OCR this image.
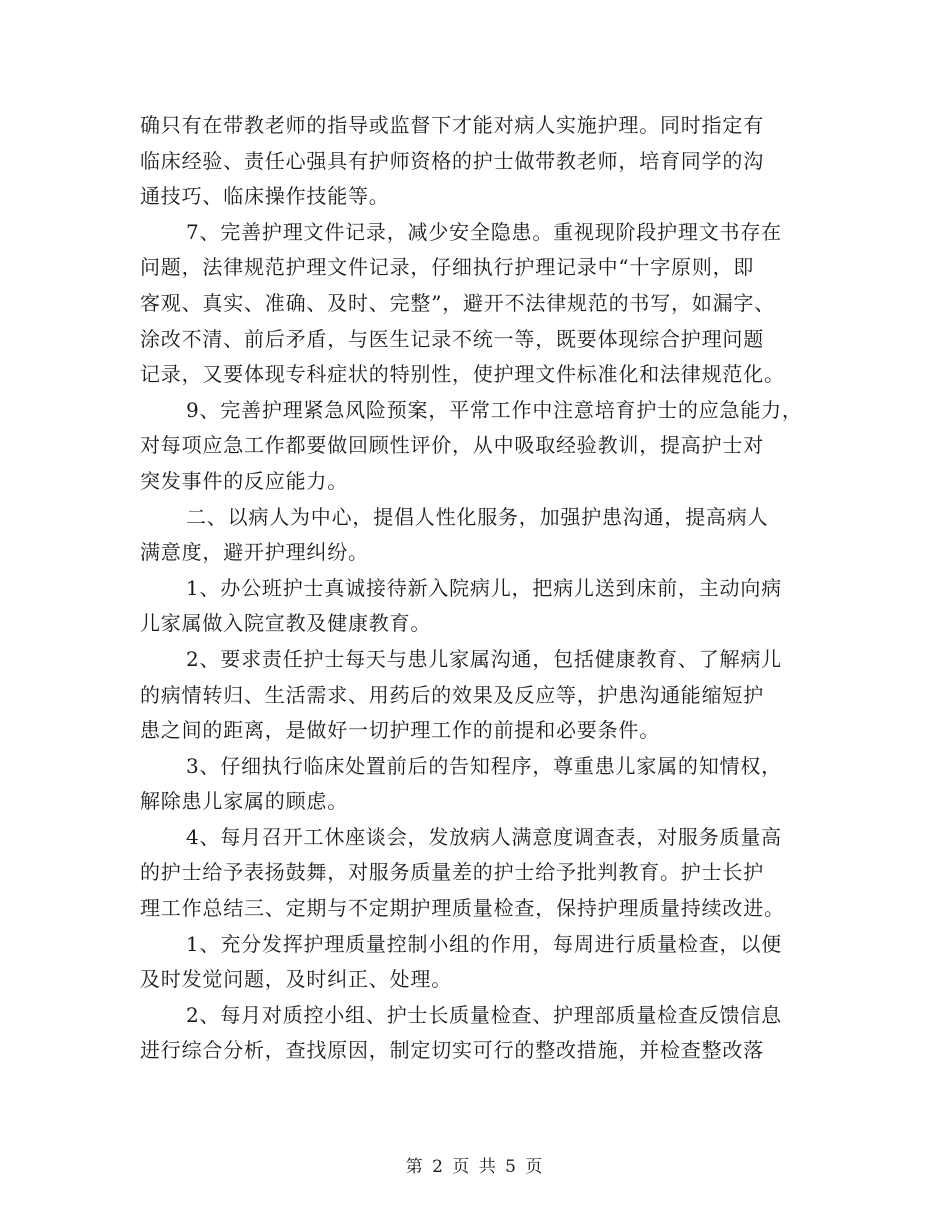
确只有在带教老师的指导或监督下才能对病人实施护理。同时指定有
临床经验、责任心强具有护师资格的护士做带教老师，培育同学的沟
通技巧、临床操作技能等。
7、完善护理文件记录，减少安全隐患。重视现阶段护理文书存在
问题，法律规范护理文件记录，仔细执行护理记录中“十字原则，即
客观、真实、准确、及时、完整”，避开不法律规范的书写，如漏字、
涂改不清、前后矛盾，与医生记录不统一等，既要体现综合护理问题
记录，又要体现专科症状的特别性，使护理文件标准化和法律规范化。
9、完善护理紧急风险预案，平常工作中注意培育护士的应急能力，
对每项应急工作都要做回顾性评价，从中吸取经验教训，提高护士对
突发事件的反应能力。
二、以病人为中心，提倡人性化服务，加强护患沟通，提高病人
满意度，避开护理纠纷。
1、办公班护士真诚接待新入院病儿，把病儿送到床前，主动向病
儿家属做入院宣教及健康教育。
2、要求责任护士每天与患儿家属沟通，包括健康教育、了解病儿
的病情转归、生活需求、用药后的效果及反应等，护患沟通能缩短护
患之间的距离，是做好一切护理工作的前提和必要条件。
3、仔细执行临床处置前后的告知程序，尊重患儿家属的知情权，
解除患儿家属的顾虑。
4、每月召开工休座谈会，发放病人满意度调查表，对服务质量高
的护士给予表扬鼓舞，对服务质量差的护士给予批判教育。护士长护
理工作总结三、定期与不定期护理质量检查，保持护理质量持续改进。
1、充分发挥护理质量控制小组的作用，每周进行质量检查，以便
及时发觉问题，及时纠正、处理。
2、每月对质控小组、护士长质量检查、护理部质量检查反馈信息
进行综合分析，查找原因，制定切实可行的整改措施，并检查整改落
第 2 页 共 5 页
